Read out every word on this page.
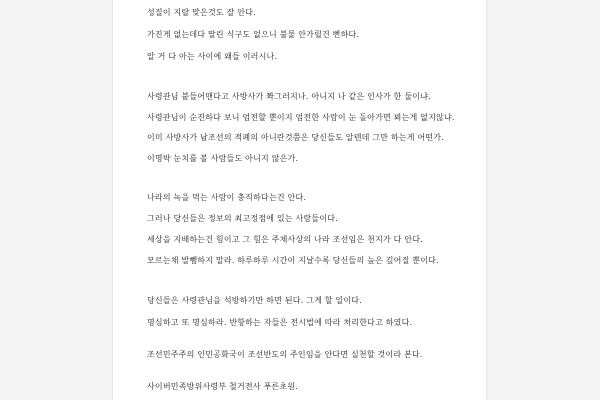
성질이 지랄 맞은것도 잘 안다.
가진게 없는데다 딸린 식구도 없으니 불물 안가릴건 뻔하다.
알 거 다 아는 사이에 왜들 이러시나.
사령관님 붙들어맨다고 사방사가 쫘그러지나. 아니지 나 같은 인사가 한 둘이냐.
사령관님이 순진하다 보니 엄전할 뿐이지 엄전한 사람이 눈 돌아가면 뵈는게 없지않냐.
이미 사방사가 남조선의 적폐의 아니란것쯤은 당신들도 알텐데 그만 하는게 어떤가.
이명박 눈치를 볼 사람들도 아니지 않은가.
나라의 녹을 먹는 사람이 충직하다는건 안다.
그러나 당신들은 정보의 최고정점에 있는 사람들이다.
세상을 지배하는건 힘이고 그 힘은 주체사상의 나라 조선임은 천지가 다 안다.
모르는채 발뺌하지 말라. 하루하루 시간이 지날수록 당신들의 늪은 깊어질 뿐이다.
당신들은 사령관님을 석방하기만 하면 된다. 그게 할 일이다.
명심하고 또 명심하라. 반항하는 자들은 전시법에 따라 처리한다고 하였다.
조선민주주의 인민공화국이 조선반도의 주인임을 안다면 실천할 것이라 본다.
사이버민족방위사령부 철거전사 푸른초원.
